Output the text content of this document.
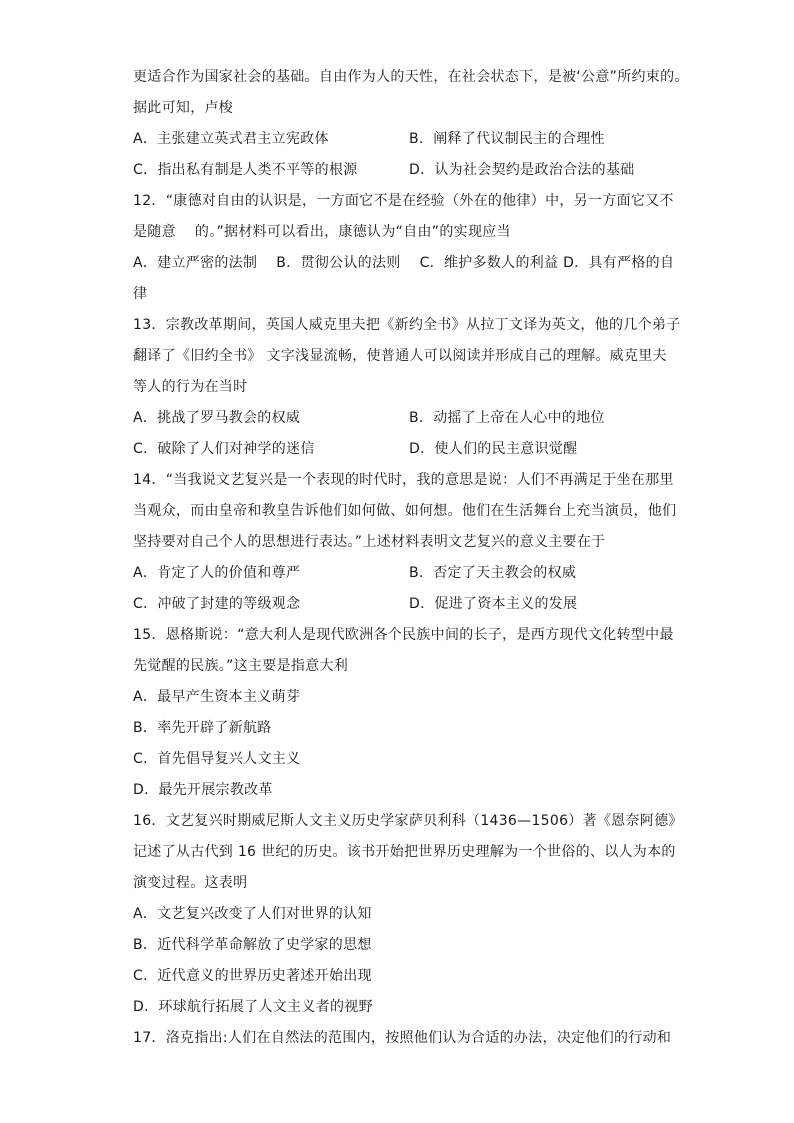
更适合作为国家社会的基础。自由作为人的天性，在社会状态下，是被‘公意”所约束的。
据此可知，卢梭
A．主张建立英式君主立宪政体	B．阐释了代议制民主的合理性
C．指出私有制是人类不平等的根源	D．认为社会契约是政治合法的基础
12．“康德对自由的认识是，一方面它不是在经验（外在的他律）中，另一方面它又不
是随意    的。”据材料可以看出，康德认为“自由”的实现应当
A．建立严密的法制    B．贯彻公认的法则    C．维护多数人的利益 D．具有严格的自
律
13．宗教改革期间，英国人威克里夫把《新约全书》从拉丁文译为英文，他的几个弟子
翻译了《旧约全书》 文字浅显流畅，使普通人可以阅读并形成自己的理解。威克里夫
等人的行为在当时
A．挑战了罗马教会的权威	B．动摇了上帝在人心中的地位
C．破除了人们对神学的迷信	D．使人们的民主意识觉醒
14．“当我说文艺复兴是一个表现的时代时，我的意思是说：人们不再满足于坐在那里
当观众，而由皇帝和教皇告诉他们如何做、如何想。他们在生活舞台上充当演员，他们
坚持要对自己个人的思想进行表达。”上述材料表明文艺复兴的意义主要在于
A．肯定了人的价值和尊严	B．否定了天主教会的权威
C．冲破了封建的等级观念	D．促进了资本主义的发展
15．恩格斯说：“意大利人是现代欧洲各个民族中间的长子，是西方现代文化转型中最
先觉醒的民族。”这主要是指意大利
A．最早产生资本主义萌芽
B．率先开辟了新航路
C．首先倡导复兴人文主义
D．最先开展宗教改革
16．文艺复兴时期威尼斯人文主义历史学家萨贝利科（1436—1506）著《恩奈阿德》
记述了从古代到 16 世纪的历史。该书开始把世界历史理解为一个世俗的、以人为本的
演变过程。这表明
A．文艺复兴改变了人们对世界的认知
B．近代科学革命解放了史学家的思想
C．近代意义的世界历史著述开始出现
D．环球航行拓展了人文主义者的视野
17．洛克指出:人们在自然法的范围内，按照他们认为合适的办法，决定他们的行动和
